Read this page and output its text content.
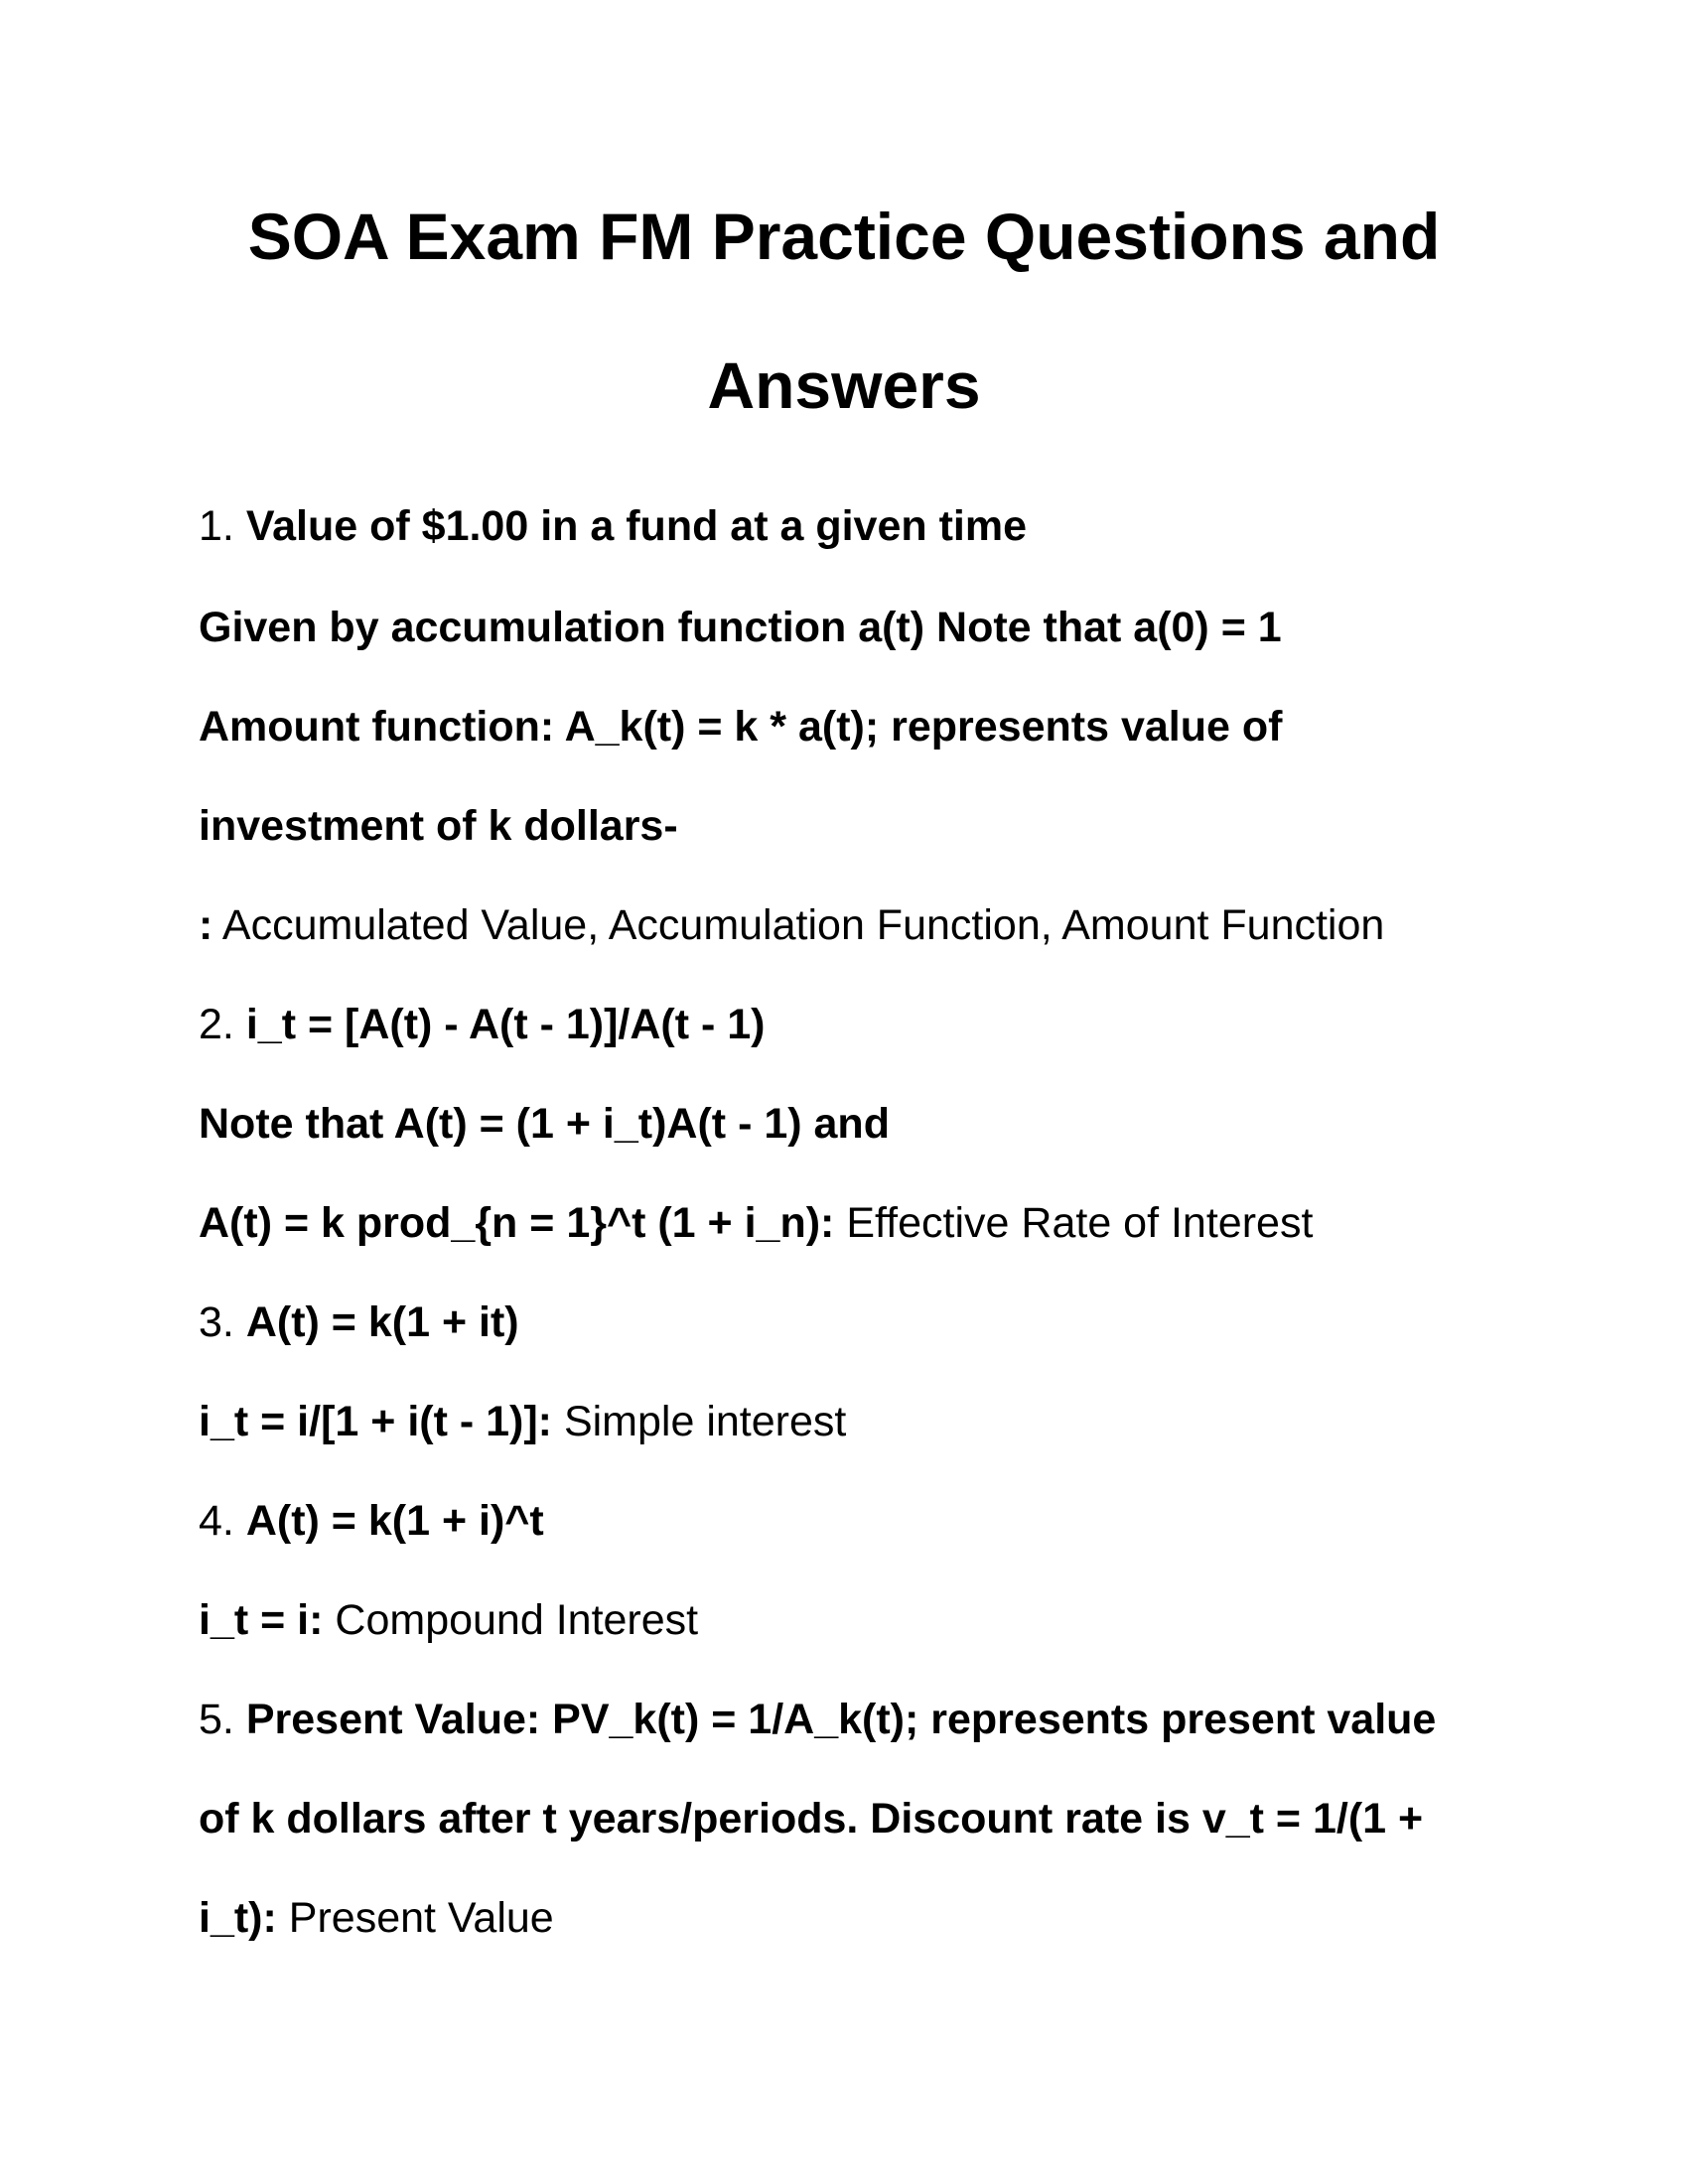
SOA Exam FM Practice Questions and
Answers
1. Value of $1.00 in a fund at a given time
Given by accumulation function a(t) Note that a(0) = 1
Amount function: A_k(t) = k * a(t); represents value of
investment of k dollars-
: Accumulated Value, Accumulation Function, Amount Function
2. i_t = [A(t) - A(t - 1)]/A(t - 1)
Note that A(t) = (1 + i_t)A(t - 1) and
A(t) = k prod_{n = 1}^t (1 + i_n): Effective Rate of Interest
3. A(t) = k(1 + it)
i_t = i/[1 + i(t - 1)]: Simple interest
4. A(t) = k(1 + i)^t
i_t = i: Compound Interest
5. Present Value: PV_k(t) = 1/A_k(t); represents present value
of k dollars after t years/periods. Discount rate is v_t = 1/(1 +
i_t): Present Value
